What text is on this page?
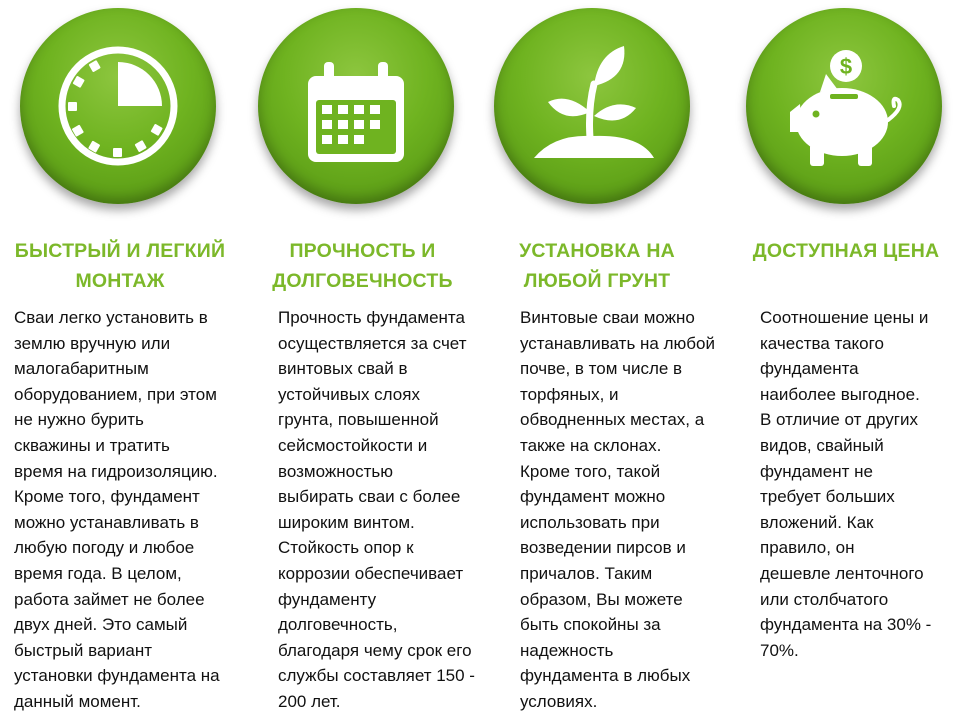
БЫСТРЫЙ И ЛЕГКИЙ
МОНТАЖ
Сваи легко установить в
землю вручную или
малогабаритным
оборудованием, при этом
не нужно бурить
скважины и тратить
время на гидроизоляцию.
Кроме того, фундамент
можно устанавливать в
любую погоду и любое
время года. В целом,
работа займет не более
двух дней. Это самый
быстрый вариант
установки фундамента на
данный момент.
ПРОЧНОСТЬ И
ДОЛГОВЕЧНОСТЬ
Прочность фундамента
осуществляется за счет
винтовых свай в
устойчивых слоях
грунта, повышенной
сейсмостойкости и
возможностью
выбирать сваи с более
широким винтом.
Стойкость опор к
коррозии обеспечивает
фундаменту
долговечность,
благодаря чему срок его
службы составляет 150 -
200 лет.
УСТАНОВКА НА
ЛЮБОЙ ГРУНТ
Винтовые сваи можно
устанавливать на любой
почве, в том числе в
торфяных, и
обводненных местах, а
также на склонах.
Кроме того, такой
фундамент можно
использовать при
возведении пирсов и
причалов. Таким
образом, Вы можете
быть спокойны за
надежность
фундамента в любых
условиях.
$
ДОСТУПНАЯ ЦЕНА
Соотношение цены и
качества такого
фундамента
наиболее выгодное.
В отличие от других
видов, свайный
фундамент не
требует больших
вложений. Как
правило, он
дешевле ленточного
или столбчатого
фундамента на 30% -
70%.
